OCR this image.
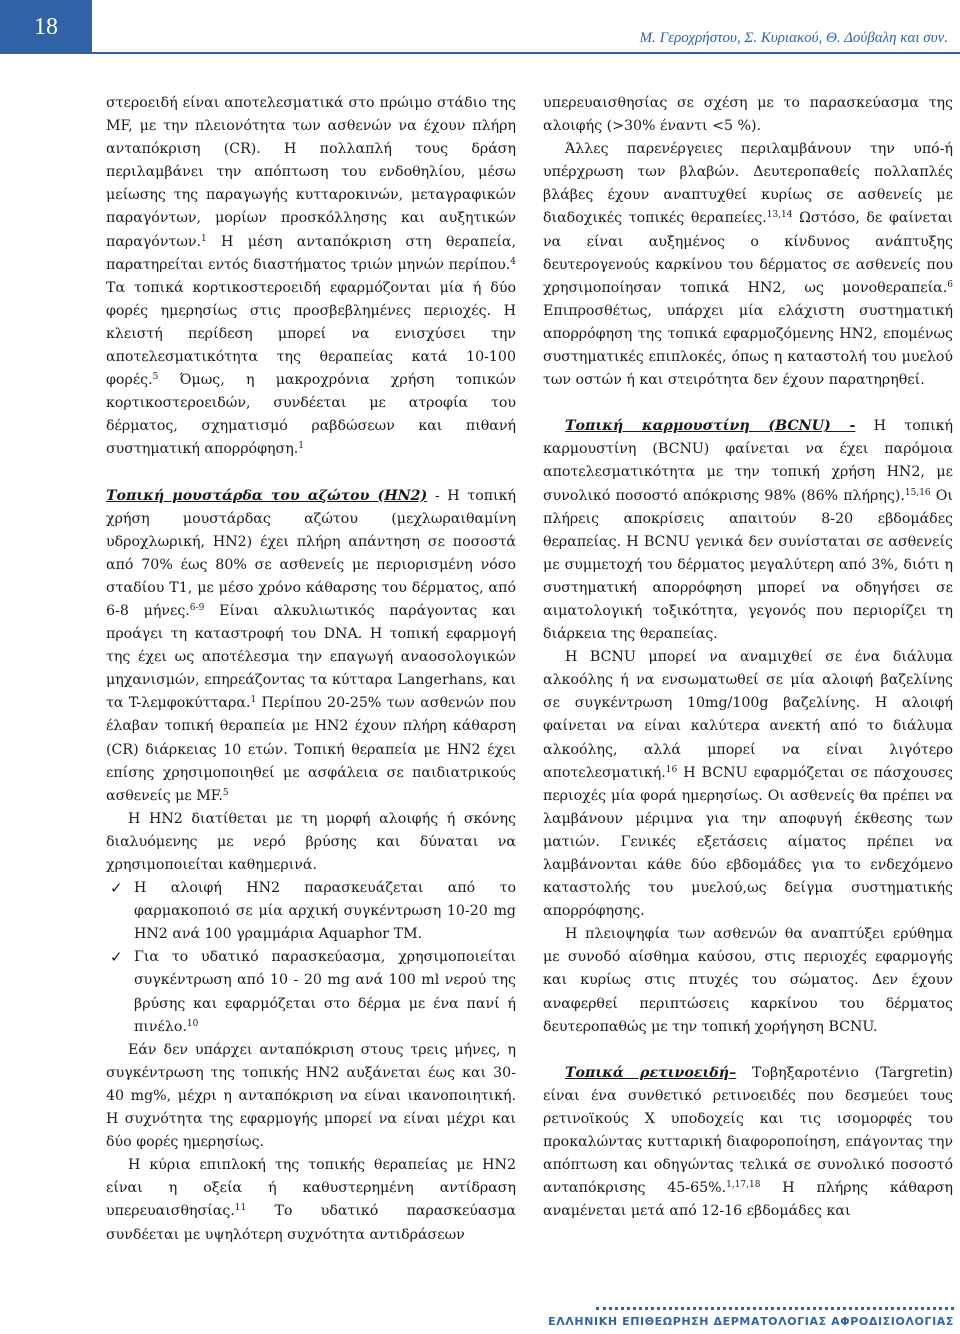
18	Μ. Γεροχρήστου, Σ. Κυριακού, Θ. Δούβαλη και συν.

στεροειδή είναι αποτελεσματικά στο πρώιμο στάδιο της MF, με την πλειονότητα των ασθενών να έχουν πλήρη ανταπόκριση (CR). Η πολλαπλή τους δράση περιλαμβάνει την απόπτωση του ενδοθηλίου, μέσω μείωσης της παραγωγής κυτταροκινών, μεταγραφικών παραγόντων, μορίων προσκόλλησης και αυξητικών παραγόντων.$^1$ Η μέση ανταπόκριση στη θεραπεία, παρατηρείται εντός διαστήματος τριών μηνών περίπου.$^4$ Τα τοπικά κορτικοστεροειδή εφαρμόζονται μία ή δύο φορές ημερησίως στις προσβεβλημένες περιοχές. Η κλειστή περίδεση μπορεί να ενισχύσει την αποτελεσματικότητα της θεραπείας κατά 10-100 φορές.$^5$ Όμως, η μακροχρόνια χρήση τοπικών κορτικοστεροειδών, συνδέεται με ατροφία του δέρματος, σχηματισμό ραβδώσεων και πιθανή συστηματική απορρόφηση.$^1$

Τοπική μουστάρδα του αζώτου (HN2) - Η τοπική χρήση μουστάρδας αζώτου (μεχλωραιθαμίνη υδροχλωρική, HN2) έχει πλήρη απάντηση σε ποσοστά από 70% έως 80% σε ασθενείς με περιορισμένη νόσο σταδίου T1, με μέσο χρόνο κάθαρσης του δέρματος, από 6-8 μήνες.$^{6-9}$ Είναι αλκυλιωτικός παράγοντας και προάγει τη καταστροφή του DNA. Η τοπική εφαρμογή της έχει ως αποτέλεσμα την επαγωγή αναοσολογικών μηχανισμών, επηρεάζοντας τα κύτταρα Langerhans, και τα T-λεμφοκύτταρα.$^1$ Περίπου 20-25% των ασθενών που έλαβαν τοπική θεραπεία με HN2 έχουν πλήρη κάθαρση (CR) διάρκειας 10 ετών. Τοπική θεραπεία με HN2 έχει επίσης χρησιμοποιηθεί με ασφάλεια σε παιδιατρικούς ασθενείς με MF.$^5$

Η HN2 διατίθεται με τη μορφή αλοιφής ή σκόνης διαλυόμενης με νερό βρύσης και δύναται να χρησιμοποιείται καθημερινά.

✓ Η αλοιφή HN2 παρασκευάζεται από το φαρμακοποιό σε μία αρχική συγκέντρωση 10-20 mg HN2 ανά 100 γραμμάρια Aquaphor TM.

✓ Για το υδατικό παρασκεύασμα, χρησιμοποιείται συγκέντρωση από 10 - 20 mg ανά 100 ml νερού της βρύσης και εφαρμόζεται στο δέρμα με ένα πανί ή πινέλο.$^{10}$

Εάν δεν υπάρχει ανταπόκριση στους τρεις μήνες, η συγκέντρωση της τοπικής HN2 αυξάνεται έως και 30-40 mg%, μέχρι η ανταπόκριση να είναι ικανοποιητική. Η συχνότητα της εφαρμογής μπορεί να είναι μέχρι και δύο φορές ημερησίως.

Η κύρια επιπλοκή της τοπικής θεραπείας με HN2 είναι η οξεία ή καθυστερημένη αντίδραση υπερευαισθησίας.$^{11}$ Το υδατικό παρασκεύασμα συνδέεται με υψηλότερη συχνότητα αντιδράσεων

υπερευαισθησίας σε σχέση με το παρασκεύασμα της αλοιφής (>30% έναντι <5 %).

Άλλες παρενέργειες περιλαμβάνουν την υπό-ή υπέρχρωση των βλαβών. Δευτεροπαθείς πολλαπλές βλάβες έχουν αναπτυχθεί κυρίως σε ασθενείς με διαδοχικές τοπικές θεραπείες.$^{13,14}$ Ωστόσο, δε φαίνεται να είναι αυξημένος ο κίνδυνος ανάπτυξης δευτερογενούς καρκίνου του δέρματος σε ασθενείς που χρησιμοποίησαν τοπικά HN2, ως μονοθεραπεία.$^6$ Επιπροσθέτως, υπάρχει μία ελάχιστη συστηματική απορρόφηση της τοπικά εφαρμοζόμενης HN2, επομένως συστηματικές επιπλοκές, όπως η καταστολή του μυελού των οστών ή και στειρότητα δεν έχουν παρατηρηθεί.

Τοπική καρμουστίνη (BCNU) - Η τοπική καρμουστίνη (BCNU) φαίνεται να έχει παρόμοια αποτελεσματικότητα με την τοπική χρήση HN2, με συνολικό ποσοστό απόκρισης 98% (86% πλήρης).$^{15,16}$ Οι πλήρεις αποκρίσεις απαιτούν 8-20 εβδομάδες θεραπείας. Η BCNU γενικά δεν συνίσταται σε ασθενείς με συμμετοχή του δέρματος μεγαλύτερη από 3%, διότι η συστηματική απορρόφηση μπορεί να οδηγήσει σε αιματολογική τοξικότητα, γεγονός που περιορίζει τη διάρκεια της θεραπείας.

Η BCNU μπορεί να αναμιχθεί σε ένα διάλυμα αλκοόλης ή να ενσωματωθεί σε μία αλοιφή βαζελίνης σε συγκέντρωση 10mg/100g βαζελίνης. Η αλοιφή φαίνεται να είναι καλύτερα ανεκτή από το διάλυμα αλκοόλης, αλλά μπορεί να είναι λιγότερο αποτελεσματική.$^{16}$ Η BCNU εφαρμόζεται σε πάσχουσες περιοχές μία φορά ημερησίως. Οι ασθενείς θα πρέπει να λαμβάνουν μέριμνα για την αποφυγή έκθεσης των ματιών. Γενικές εξετάσεις αίματος πρέπει να λαμβάνονται κάθε δύο εβδομάδες για το ενδεχόμενο καταστολής του μυελού,ως δείγμα συστηματικής απορρόφησης.

Η πλειοψηφία των ασθενών θα αναπτύξει ερύθημα με συνοδό αίσθημα καύσου, στις περιοχές εφαρμογής και κυρίως στις πτυχές του σώματος. Δεν έχουν αναφερθεί περιπτώσεις καρκίνου του δέρματος δευτεροπαθώς με την τοπική χορήγηση BCNU.

Τοπικά ρετινοειδή– Τοβηξαρoτένιο (Targretin) είναι ένα συνθετικό ρετινοειδές που δεσμεύει τους ρετινοϊκούς X υποδοχείς και τις ισομορφές του προκαλώντας κυτταρική διαφοροποίηση, επάγοντας την απόπτωση και οδηγώντας τελικά σε συνολικό ποσοστό ανταπόκρισης 45-65%.$^{1,17,18}$ Η πλήρης κάθαρση αναμένεται μετά από 12-16 εβδομάδες και

ΕΛΛΗΝΙΚΗ ΕΠΙΘΕΩΡΗΣΗ ΔΕΡΜΑΤΟΛΟΓΙΑΣ ΑΦΡΟΔΙΣΙΟΛΟΓΙΑΣ
